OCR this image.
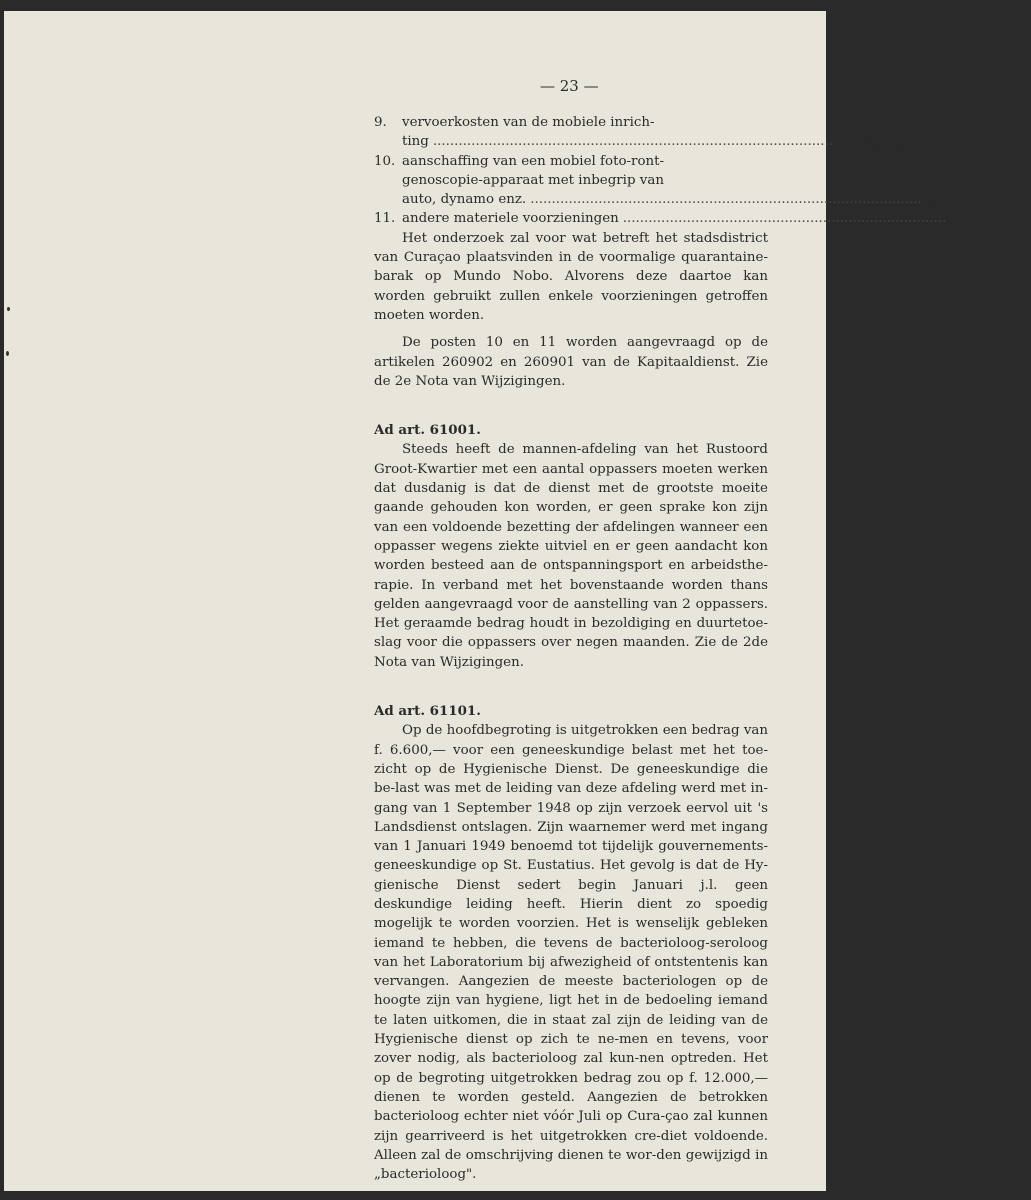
— 23 —
9. vervoerkosten van de mobiele inrich-
ting .............................................................................................. ,, 2.000,—
10. aanschaffing van een mobiel foto-ront-
genoscopie-apparaat met inbegrip van
auto, dynamo enz. ............................................................................................ ,, 50.000,—
11. andere materiele voorzieningen ............................................................................ ,, 5.000,—

Het onderzoek zal voor wat betreft het stadsdistrict van Curaçao plaatsvinden in de voormalige quarantaine-barak op Mundo Nobo. Alvorens deze daartoe kan worden gebruikt zullen enkele voorzieningen getroffen moeten worden.

De posten 10 en 11 worden aangevraagd op de artikelen 260902 en 260901 van de Kapitaaldienst. Zie de 2e Nota van Wijzigingen.

Ad art. 61001.

Steeds heeft de mannen-afdeling van het Rustoord Groot-Kwartier met een aantal oppassers moeten werken dat dusdanig is dat de dienst met de grootste moeite gaande gehouden kon worden, er geen sprake kon zijn van een voldoende bezetting der afdelingen wanneer een oppasser wegens ziekte uitviel en er geen aandacht kon worden besteed aan de ontspanningsport en arbeidsthe-rapie. In verband met het bovenstaande worden thans gelden aangevraagd voor de aanstelling van 2 oppassers. Het geraamde bedrag houdt in bezoldiging en duurtetoe-slag voor die oppassers over negen maanden. Zie de 2de Nota van Wijzigingen.

Ad art. 61101.

Op de hoofdbegroting is uitgetrokken een bedrag van f. 6.600,— voor een geneeskundige belast met het toe-zicht op de Hygienische Dienst. De geneeskundige die be-last was met de leiding van deze afdeling werd met in-gang van 1 September 1948 op zijn verzoek eervol uit 's Landsdienst ontslagen. Zijn waarnemer werd met ingang van 1 Januari 1949 benoemd tot tijdelijk gouvernements-geneeskundige op St. Eustatius. Het gevolg is dat de Hy-gienische Dienst sedert begin Januari j.l. geen deskundige leiding heeft. Hierin dient zo spoedig mogelijk te worden voorzien. Het is wenselijk gebleken iemand te hebben, die tevens de bacterioloog-seroloog van het Laboratorium bij afwezigheid of ontstentenis kan vervangen. Aangezien de meeste bacteriologen op de hoogte zijn van hygiene, ligt het in de bedoeling iemand te laten uitkomen, die in staat zal zijn de leiding van de Hygienische dienst op zich te ne-men en tevens, voor zover nodig, als bacterioloog zal kun-nen optreden. Het op de begroting uitgetrokken bedrag zou op f. 12.000,— dienen te worden gesteld. Aangezien de betrokken bacterioloog echter niet vóór Juli op Cura-çao zal kunnen zijn gearriveerd is het uitgetrokken cre-diet voldoende. Alleen zal de omschrijving dienen te wor-den gewijzigd in „bacterioloog".
